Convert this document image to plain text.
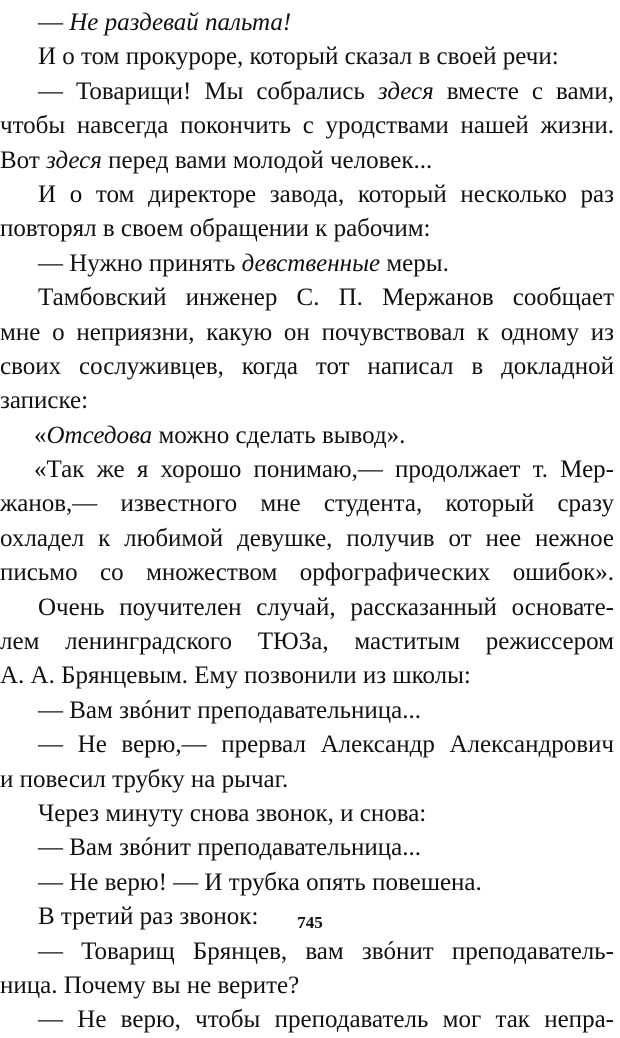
— Не раздевай пальта!
И о том прокуроре, который сказал в своей речи:
— Товарищи! Мы собрались здеся вместе с вами,
чтобы навсегда покончить с уродствами нашей жизни.
Вот здеся перед вами молодой человек...
И о том директоре завода, который несколько раз
повторял в своем обращении к рабочим:
— Нужно принять девственные меры.
Тамбовский инженер С. П. Мержанов сообщает
мне о неприязни, какую он почувствовал к одному из
своих сослуживцев, когда тот написал в докладной
записке:
«Отседова можно сделать вывод».
«Так же я хорошо понимаю,— продолжает т. Мер-
жанов,— известного мне студента, который сразу
охладел к любимой девушке, получив от нее нежное
письмо со множеством орфографических ошибок».
Очень поучителен случай, рассказанный основате-
лем ленинградского ТЮЗа, маститым режиссером
А. А. Брянцевым. Ему позвонили из школы:
— Вам звóнит преподавательница...
— Не верю,— прервал Александр Александрович
и повесил трубку на рычаг.
Через минуту снова звонок, и снова:
— Вам звóнит преподавательница...
— Не верю! — И трубка опять повешена.
В третий раз звонок:
— Товарищ Брянцев, вам звóнит преподаватель-
ница. Почему вы не верите?
— Не верю, чтобы преподаватель мог так непра-
745
